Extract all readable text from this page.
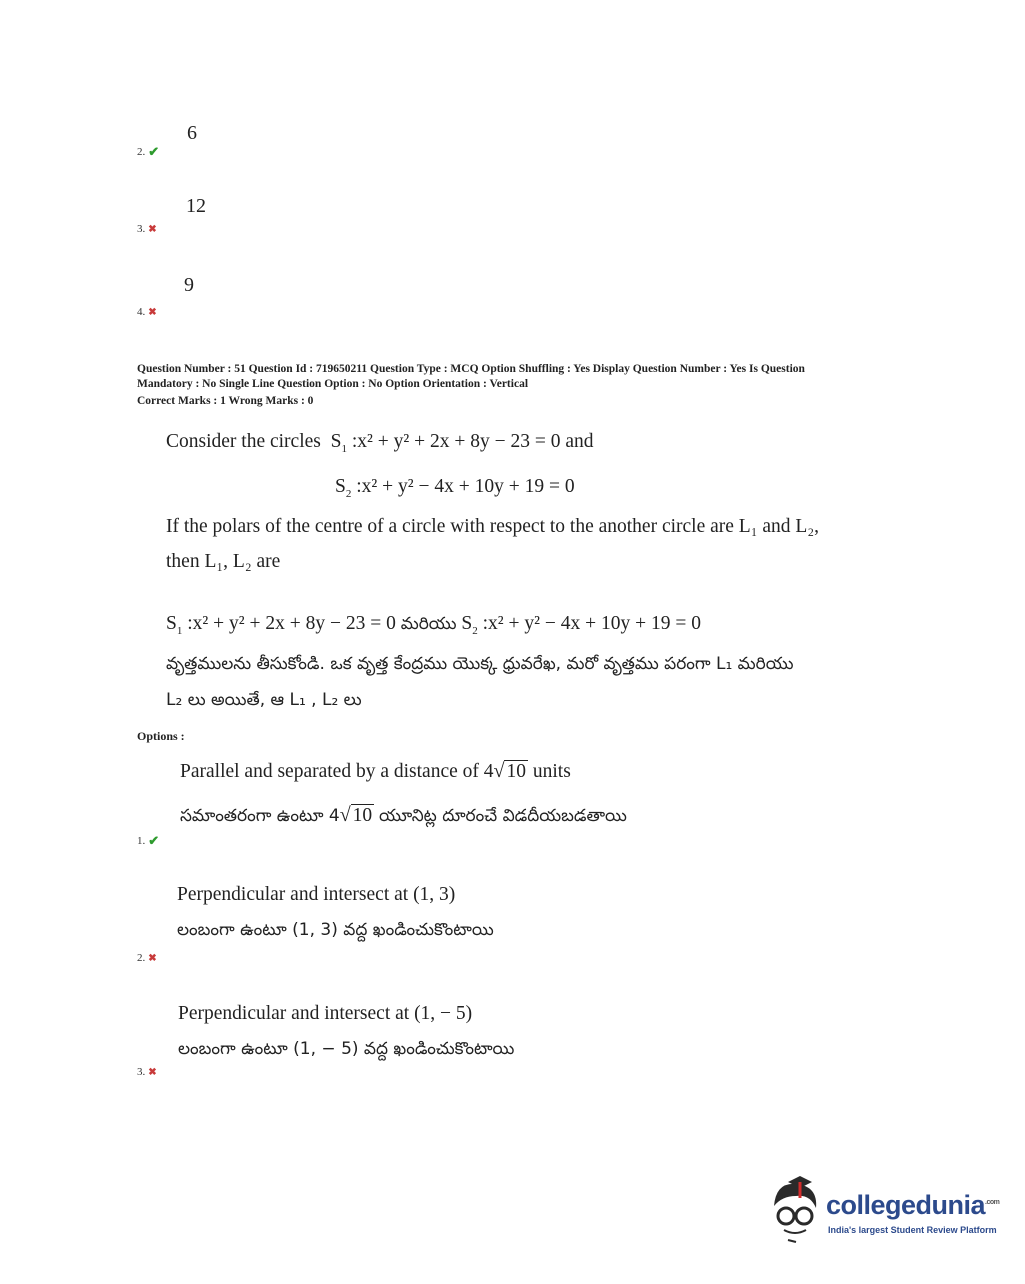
6
2. ✔
12
3. ✖
9
4. ✖
Question Number : 51 Question Id : 719650211 Question Type : MCQ Option Shuffling : Yes Display Question Number : Yes Is Question
Mandatory : No Single Line Question Option : No Option Orientation : Vertical
Correct Marks : 1 Wrong Marks : 0
Consider the circles $S_1$ :x² + y² + 2x + 8y − 23 = 0 and
$S_2$ :x² + y² − 4x + 10y + 19 = 0
If the polars of the centre of a circle with respect to the another circle are L₁ and L₂,
then L₁, L₂ are
$S_1$ :x² + y² + 2x + 8y − 23 = 0 మరియు $S_2$ :x² + y² − 4x + 10y + 19 = 0
వృత్తములను తీసుకోండి. ఒక వృత్త కేంద్రము యొక్క ధ్రువరేఖ, మరో వృత్తము పరంగా L₁ మరియు
L₂ లు అయితే, ఆ L₁ , L₂ లు
Options :
Parallel and separated by a distance of 4√ 10 units
సమాంతరంగా ఉంటూ 4√ 10 యూనిట్ల దూరంచే విడదీయబడతాయి
1. ✔
Perpendicular and intersect at (1, 3)
లంబంగా ఉంటూ (1, 3) వద్ద ఖండించుకొంటాయి
2. ✖
Perpendicular and intersect at (1, − 5)
లంబంగా ఉంటూ (1, − 5) వద్ద ఖండించుకొంటాయి
3. ✖
collegedunia$^{.com}$
India's largest Student Review Platform
